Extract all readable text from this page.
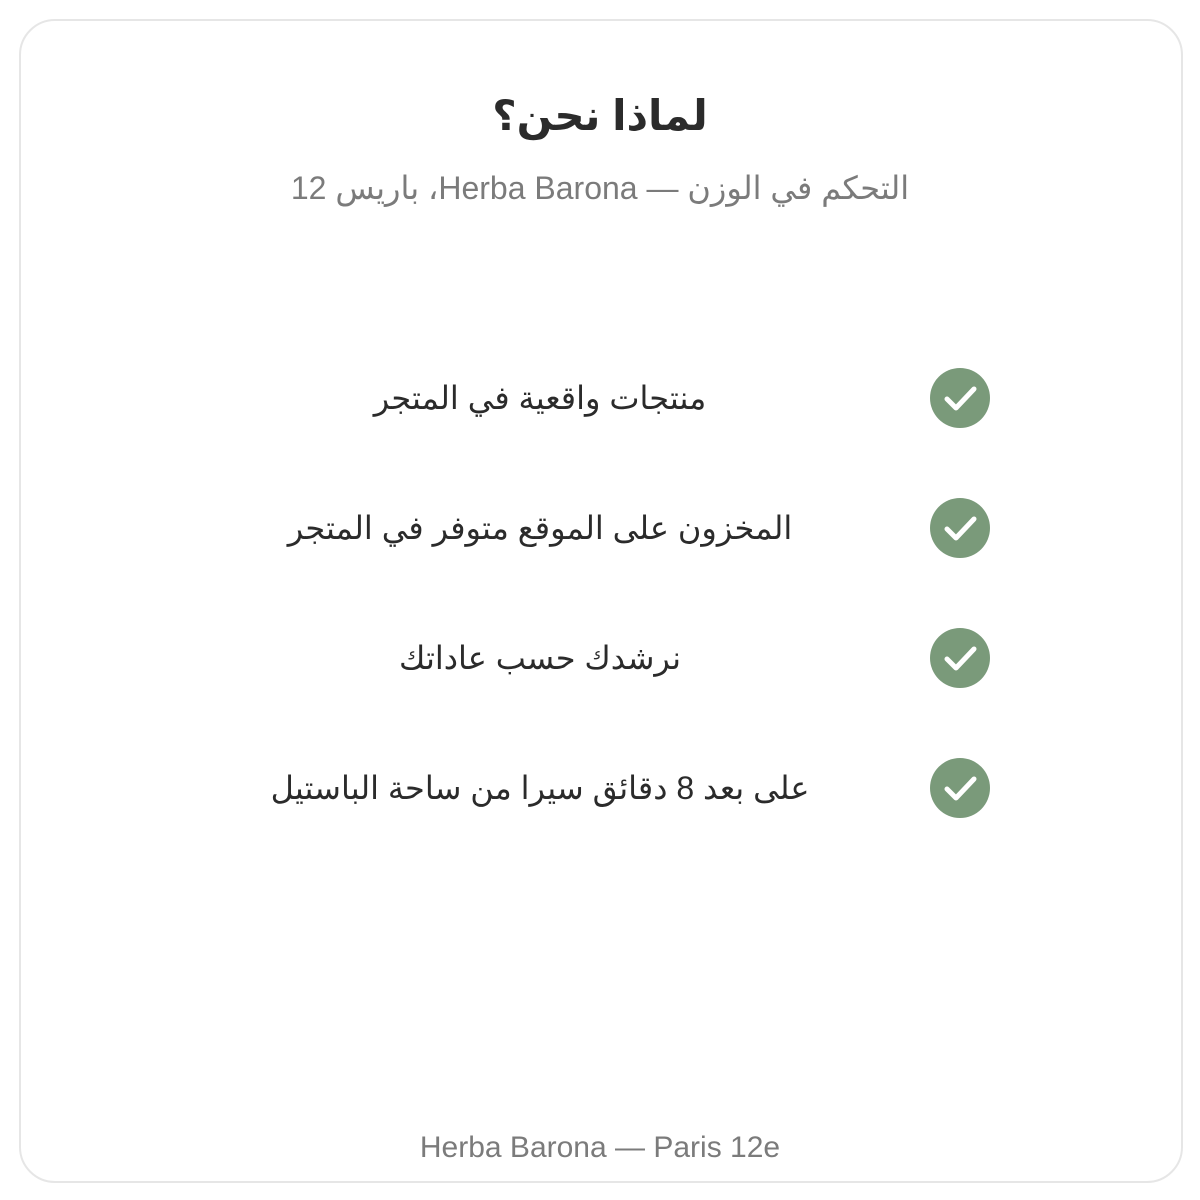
لماذا نحن؟
التحكم في الوزن — Herba Barona، باريس 12
منتجات واقعية في المتجر
المخزون على الموقع متوفر في المتجر
نرشدك حسب عاداتك
على بعد 8 دقائق سيرا من ساحة الباستيل
Herba Barona — Paris 12e
